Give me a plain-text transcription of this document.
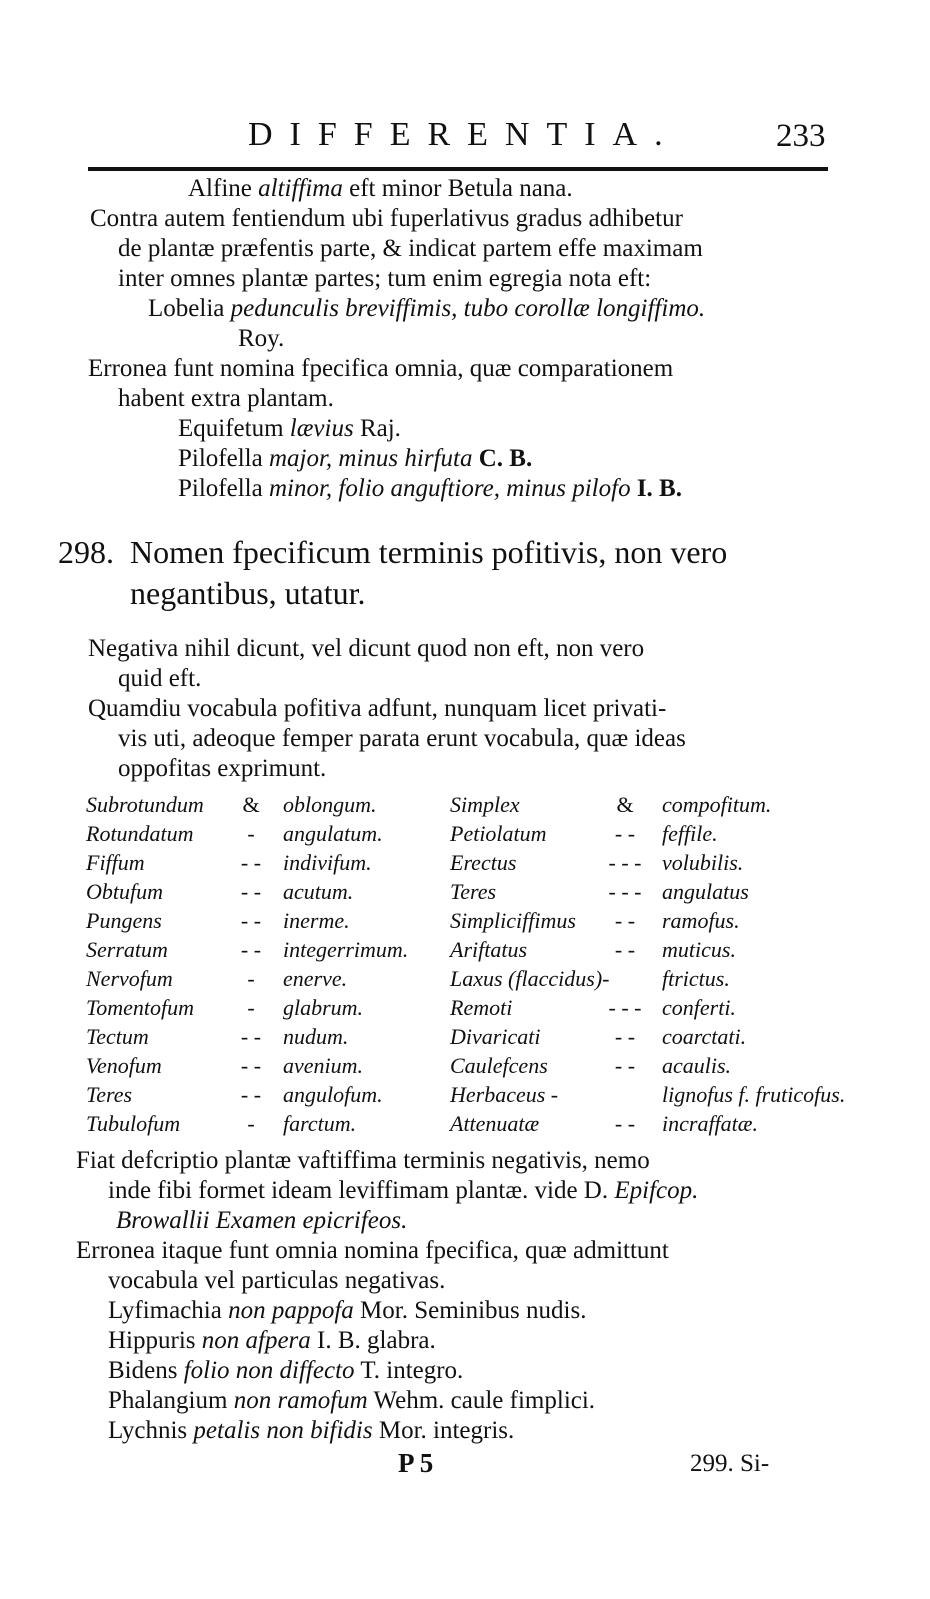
DIFFERENTIA.	233
Alfine altiffima eft minor Betula nana.
Contra autem fentiendum ubi fuperlativus gradus adhibetur
de plantæ præfentis parte, & indicat partem effe maximam
inter omnes plantæ partes; tum enim egregia nota eft:
Lobelia pedunculis breviffimis, tubo corollæ longiffimo.
Roy.
Erronea funt nomina fpecifica omnia, quæ comparationem
habent extra plantam.
Equifetum lævius Raj.
Pilofella major, minus hirfuta C. B.
Pilofella minor, folio anguftiore, minus pilofo I. B.
298. Nomen fpecificum terminis pofitivis, non vero
negantibus, utatur.
Negativa nihil dicunt, vel dicunt quod non eft, non vero
quid eft.
Quamdiu vocabula pofitiva adfunt, nunquam licet privati-
vis uti, adeoque femper parata erunt vocabula, quæ ideas
oppofitas exprimunt.
Subrotundum
Rotundatum
Fiffum
Obtufum
Pungens
Serratum
Nervofum
Tomentofum
Tectum
Venofum
Teres
Tubulofum
&
-
- -
- -
- -
- -
-
-
- -
- -
- -
-
oblongum.
angulatum.
indivifum.
acutum.
inermе.
integerrimum.
enerve.
glabrum.
nudum.
avenium.
angulofum.
farctum.
Simplex
Petiolatum
Erectus
Teres
Simpliciffimus
Ariftatus
Laxus (flaccidus)-
Remoti
Divaricati
Caulefcens
Herbaceus -
Attenuatæ
&
- -
- - -
- - -
- -
- -
- - -
- -
- -
- -
compofitum.
feffile.
volubilis.
angulatus
ramofus.
muticus.
ftrictus.
conferti.
coarctati.
acaulis.
lignofus f. fruticofus.
incraffatæ.
Fiat defcriptio plantæ vaftiffima terminis negativis, nemo
inde fibi formet ideam leviffimam plantæ. vide D. Epifcop.
Browallii Examen epicrifeos.
Erronea itaque funt omnia nomina fpecifica, quæ admittunt
vocabula vel particulas negativas.
Lyfimachia non pappofa Mor. Seminibus nudis.
Hippuris non afpera I. B. glabra.
Bidens folio non diffecto T. integro.
Phalangium non ramofum Wehm. caule fimplici.
Lychnis petalis non bifidis Mor. integris.
P 5	299. Si-
